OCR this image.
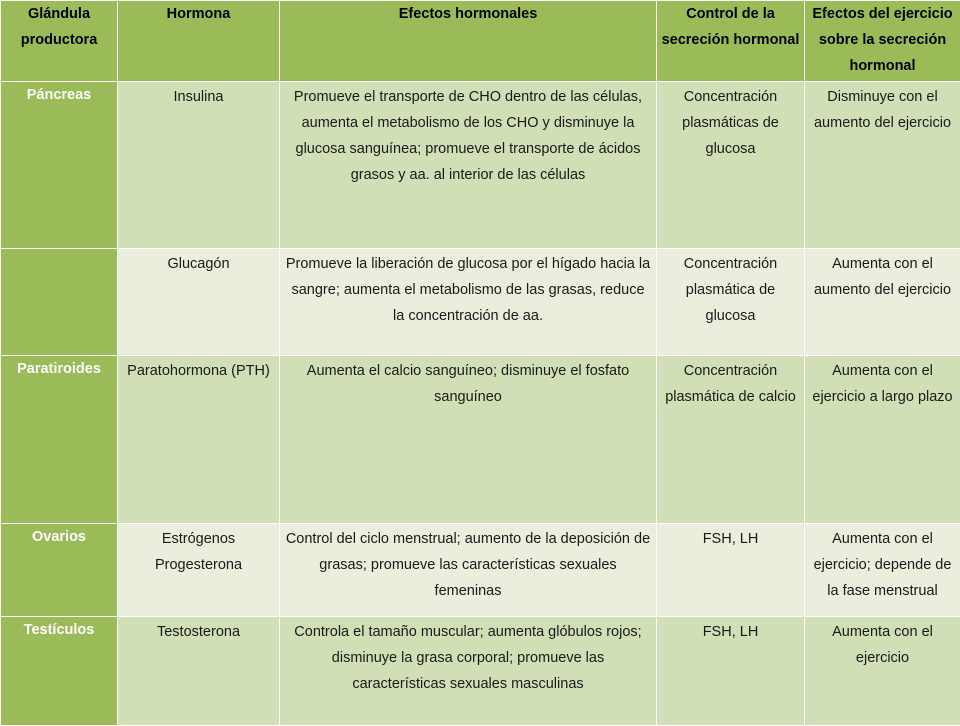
Glándula productora	Hormona	Efectos hormonales	Control de la secreción hormonal	Efectos del ejercicio sobre la secreción hormonal
Páncreas	Insulina	Promueve el transporte de CHO dentro de las células, aumenta el metabolismo de los CHO y disminuye la glucosa sanguínea; promueve el transporte de ácidos grasos y aa. al interior de las células	Concentración plasmáticas de glucosa	Disminuye con el aumento del ejercicio
	Glucagón	Promueve la liberación de glucosa por el hígado hacia la sangre; aumenta el metabolismo de las grasas, reduce la concentración de aa.	Concentración plasmática de glucosa	Aumenta con el aumento del ejercicio
Paratiroides	Paratohormona (PTH)	Aumenta el calcio sanguíneo; disminuye el fosfato sanguíneo	Concentración plasmática de calcio	Aumenta con el ejercicio a largo plazo
Ovarios	Estrógenos Progesterona	Control del ciclo menstrual; aumento de la deposición de grasas; promueve las características sexuales femeninas	FSH, LH	Aumenta con el ejercicio; depende de la fase menstrual
Testículos	Testosterona	Controla el tamaño muscular; aumenta glóbulos rojos; disminuye la grasa corporal; promueve las características sexuales masculinas	FSH, LH	Aumenta con el ejercicio
